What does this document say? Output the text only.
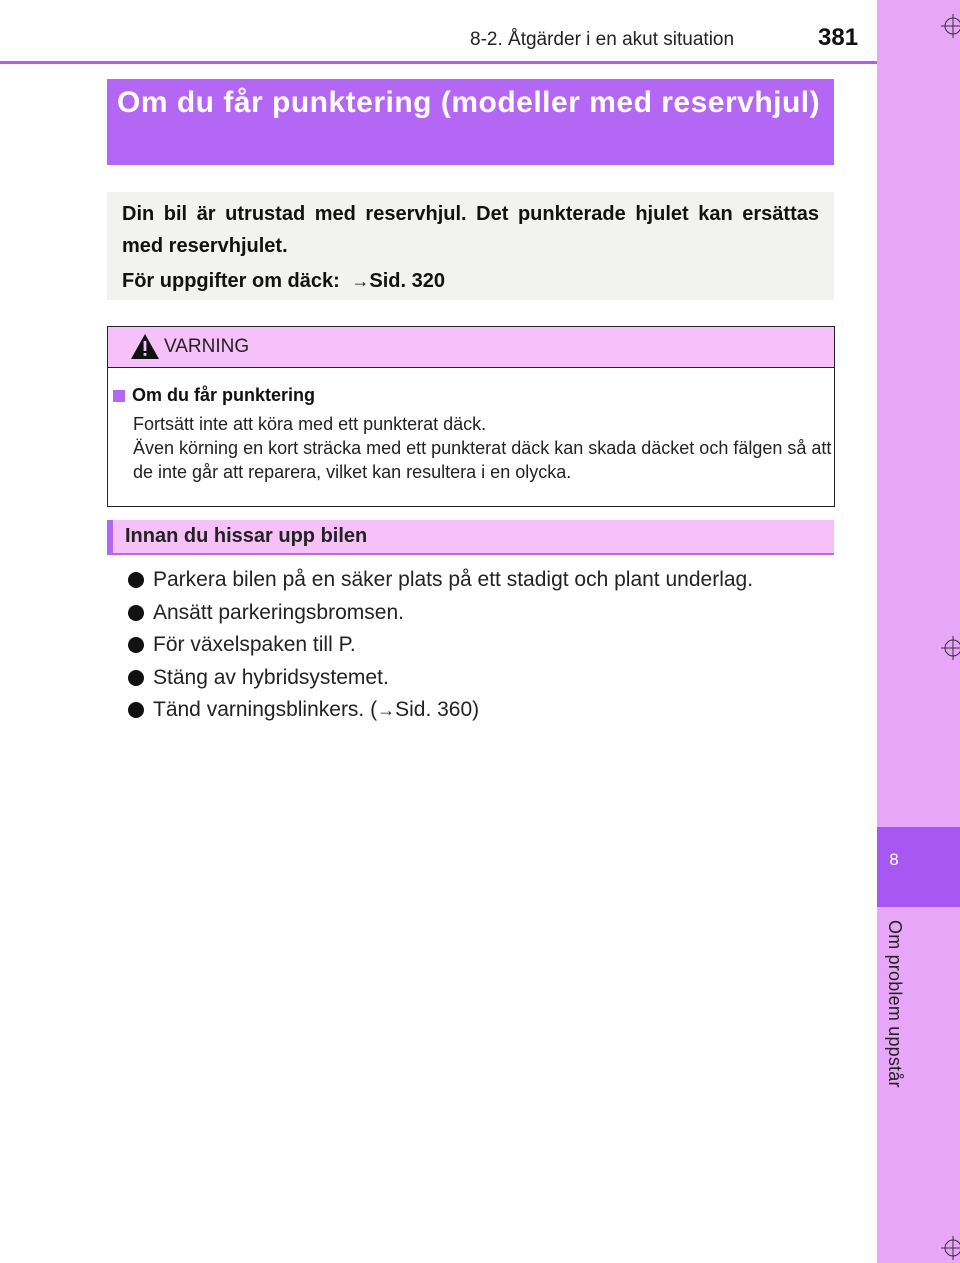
8
Om problem uppstår
8-2. Åtgärder i en akut situation	381
Om du får punktering (modeller med reservhjul)
Din bil är utrustad med reservhjul. Det punkterade hjulet kan ersättas med reservhjulet.
För uppgifter om däck: →Sid. 320
VARNING
Om du får punktering
Fortsätt inte att köra med ett punkterat däck.
Även körning en kort sträcka med ett punkterat däck kan skada däcket och fälgen så att de inte går att reparera, vilket kan resultera i en olycka.
Innan du hissar upp bilen
Parkera bilen på en säker plats på ett stadigt och plant underlag.
Ansätt parkeringsbromsen.
För växelspaken till P.
Stäng av hybridsystemet.
Tänd varningsblinkers. ( → Sid. 360 )
